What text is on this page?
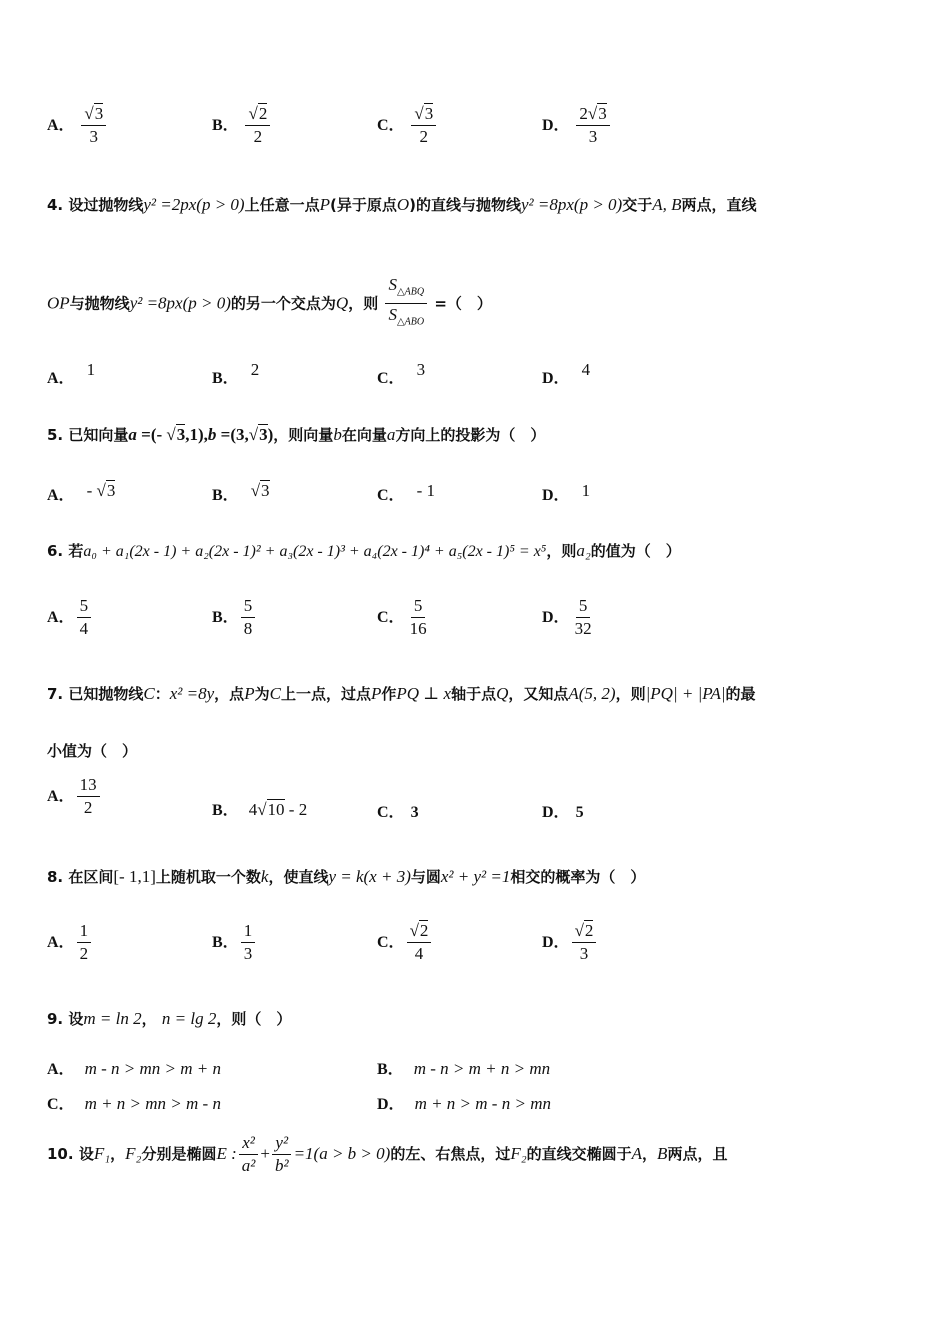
A． $\frac{√3}{3}$	B． $\frac{√2}{2}$	C． $\frac{√3}{2}$	D． $\frac{2√3}{3}$
4. 设过抛物线y² =2px(p > 0)上任意一点P(异于原点O)的直线与抛物线y² =8px(p > 0)交于A, B两点，直线
OP与抛物线y² =8px(p > 0)的另一个交点为Q，则
$S_{\triangle ABQ}$
$S_{\triangle ABO}$
=（　）
A． 1	B． 2	C． 3	D． 4
5. 已知向量a =(- √3,1),b =(3,√3)，则向量b在向量a方向上的投影为（　）
A． - √3	B． √3	C． - 1	D． 1
6. 若a₀ + a₁(2x - 1) + a₂(2x - 1)² + a₃(2x - 1)³ + a₄(2x - 1)⁴ + a₅(2x - 1)⁵ = x⁵，则a₂的值为（　）
A． $\frac{5}{4}$	B． $\frac{5}{8}$	C． $\frac{5}{16}$	D． $\frac{5}{32}$
7. 已知抛物线C：x² =8y，点P为C上一点，过点P作PQ ⊥ x轴于点Q，又知点A(5, 2)，则|PQ| + |PA|的最
小值为（　）
A． $\frac{13}{2}$	B． 4√10 - 2	C． 3	D． 5
8. 在区间[- 1,1]上随机取一个数k，使直线y = k(x + 3)与圆x² + y² =1相交的概率为（　）
A． $\frac{1}{2}$	B． $\frac{1}{3}$	C． $\frac{√2}{4}$	D． $\frac{√2}{3}$
9. 设m = ln 2， n = lg 2，则（　）
A． m - n > mn > m + n	B． m - n > m + n > mn
C． m + n > mn > m - n	D． m + n > m - n > mn
10. 设F₁，F₂分别是椭圆E : $\frac{\text{x²}}{\text{a²}} + \frac{\text{y²}}{\text{b²}} =1(a > b > 0)$的左、右焦点，过F₂的直线交椭圆于A，B两点，且
